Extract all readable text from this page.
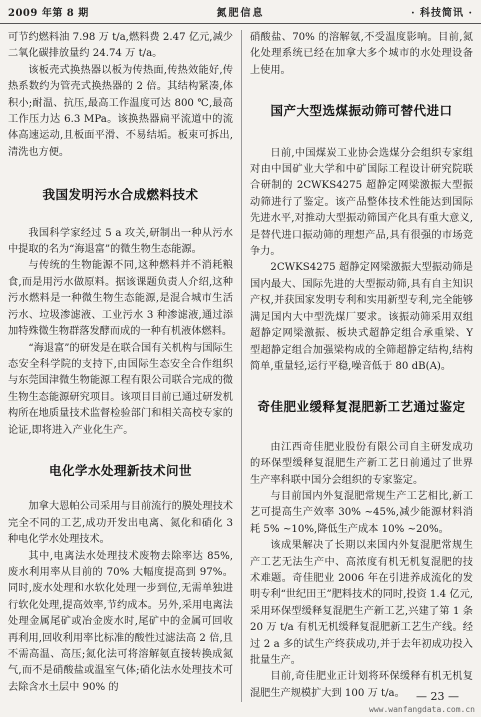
2009 年第 8 期	氮肥信息	· 科技简讯 ·

可节约燃料油 7.98 万 t/a,燃料费 2.47 亿元,减少二氧化碳排放量约 24.74 万 t/a。

该板壳式换热器以板为传热面,传热效能好,传热系数约为管壳式换热器的 2 倍。其结构紧凑,体积小;耐温、抗压,最高工作温度可达 800 ℃,最高工作压力达 6.3 MPa。该换热器扁平流道中的流体高速运动,且板面平滑、不易结垢。板束可拆出,清洗也方便。

我国发明污水合成燃料技术

我国科学家经过 5 a 攻关,研制出一种从污水中提取的名为“海退富”的微生物生态能源。

与传统的生物能源不同,这种燃料并不消耗粮食,而是用污水做原料。据该课题负责人介绍,这种污水燃料是一种微生物生态能源,是混合城市生活污水、垃圾渗滤液、工业污水 3 种渗滤液,通过添加特殊微生物群落发酵而成的一种有机液体燃料。

“海退富”的研发是在联合国有关机构与国际生态安全科学院的支持下,由国际生态安全合作组织与东莞国津微生物能源工程有限公司联合完成的微生物生态能源研究项目。该项目目前已通过研发机构所在地质量技术监督检验部门和相关高校专家的论证,即将进入产业化生产。

电化学水处理新技术问世

加拿大恩帕公司采用与目前流行的膜处理技术完全不同的工艺,成功开发出电离、氮化和硝化 3 种电化学水处理技术。

其中,电离法水处理技术废物去除率达 85%,废水利用率从目前的 70% 大幅度提高到 97%。同时,废水处理和水软化处理一步到位,无需单独进行软化处理,提高效率,节约成本。另外,采用电离法处理金属尾矿或冶金废水时,尾矿中的金属可回收再利用,回收利用率比标准的酸性过滤法高 2 倍,且不需高温、高压;氮化法可将溶解氨直接转换成氮气,而不是硝酸盐或温室气体;硝化法水处理技术可去除含水土层中 90% 的

硝酸盐、70% 的溶解氨,不受温度影响。目前,氮化处理系统已经在加拿大多个城市的水处理设备上使用。

国产大型选煤振动筛可替代进口

日前,中国煤炭工业协会选煤分会组织专家组对由中国矿业大学和中矿国际工程设计研究院联合研制的 2CWKS4275 超静定网梁激振大型振动筛进行了鉴定。该产品整体技术性能达到国际先进水平,对推动大型振动筛国产化具有重大意义,是替代进口振动筛的理想产品,具有很强的市场竞争力。

2CWKS4275 超静定网梁激振大型振动筛是国内最大、国际先进的大型振动筛,具有自主知识产权,并获国家发明专利和实用新型专利,完全能够满足国内大中型洗煤厂要求。该振动筛采用双组超静定网梁激振、板块式超静定组合承重梁、Y 型超静定组合加强梁构成的全筛超静定结构,结构简单,重量轻,运行平稳,噪音低于 80 dB(A)。

奇佳肥业缓释复混肥新工艺通过鉴定

由江西奇佳肥业股份有限公司自主研发成功的环保型缓释复混肥生产新工艺日前通过了世界生产率科联中国分会组织的专家鉴定。

与目前国内外复混肥常规生产工艺相比,新工艺可提高生产效率 30% ~45%,减少能源材料消耗 5% ~10%,降低生产成本 10% ~20%。

该成果解决了长期以来国内外复混肥常规生产工艺无法生产中、高浓度有机无机复混肥的技术难题。奇佳肥业 2006 年在引进养成流化的发明专利“世纪田王”肥料技术的同时,投资 1.4 亿元,采用环保型缓释复混肥生产新工艺,兴建了第 1 条 20 万 t/a 有机无机缓释复混肥新工艺生产线。经过 2 a 多的试生产终获成功,并于去年初成功投入批量生产。

目前,奇佳肥业正计划将环保缓释有机无机复混肥生产规模扩大到 100 万 t/a。	— 23 —
www.wanfangdata.com.cn
